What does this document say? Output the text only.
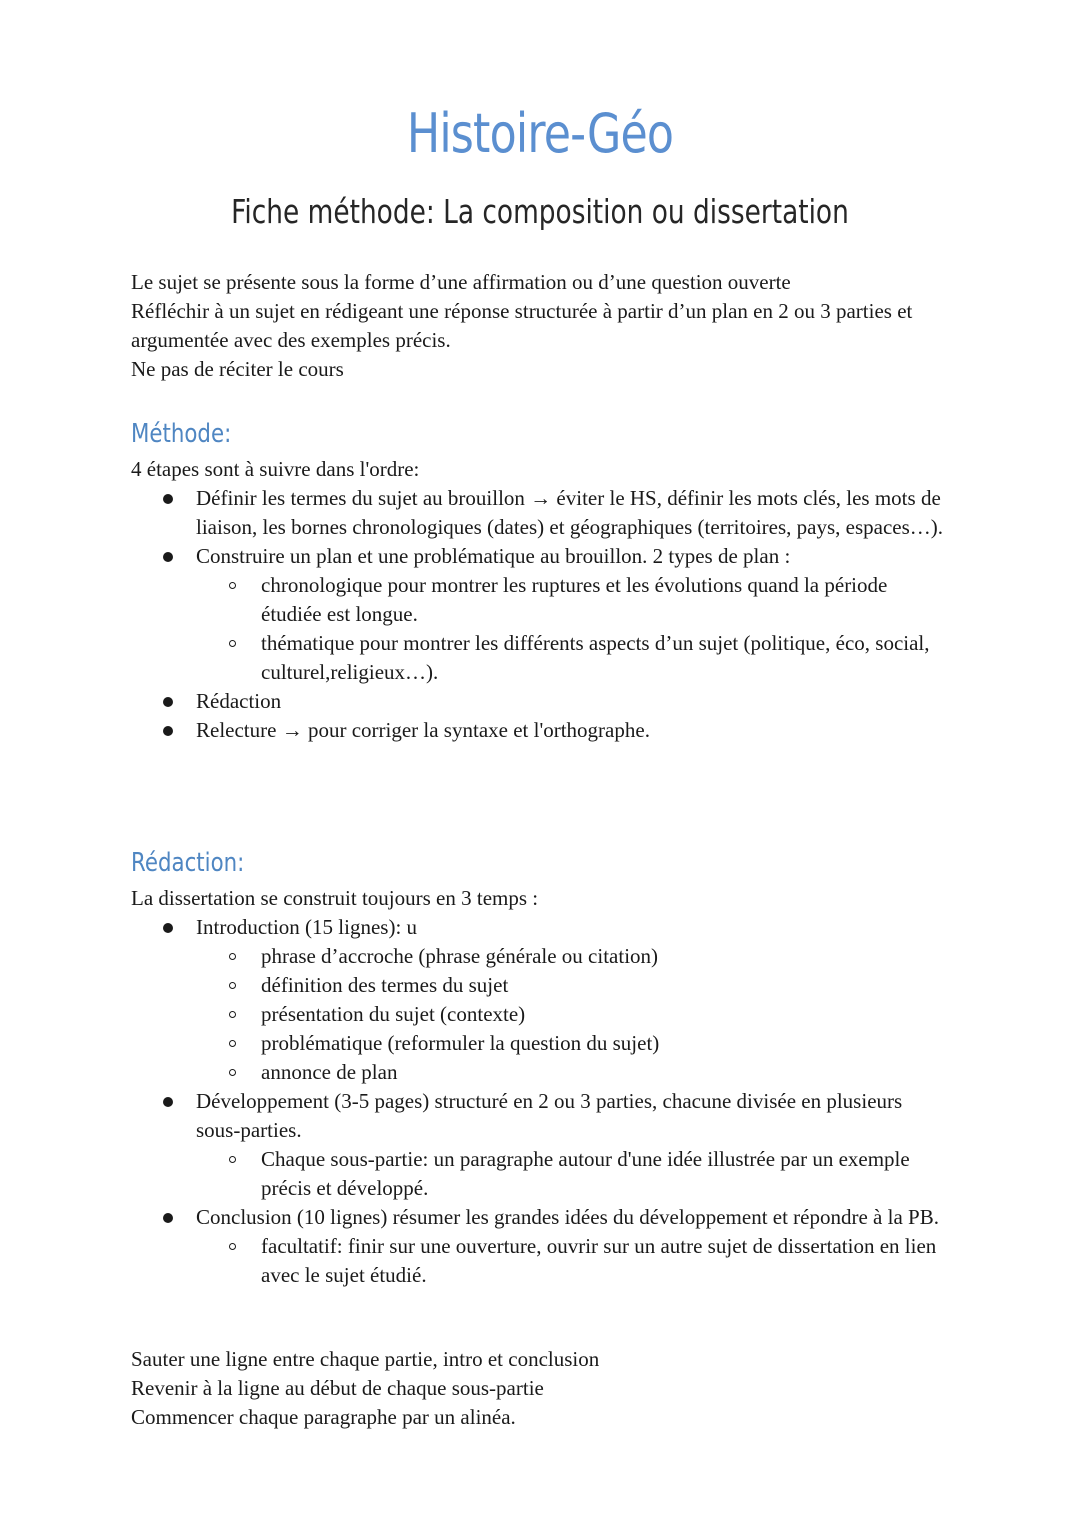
Histoire-Géo
Fiche méthode: La composition ou dissertation

Le sujet se présente sous la forme d’une affirmation ou d’une question ouverte

Réfléchir à un sujet en rédigeant une réponse structurée à partir d’un plan en 2 ou 3 parties et argumentée avec des exemples précis.

Ne pas de réciter le cours

Méthode:

4 étapes sont à suivre dans l'ordre:

Définir les termes du sujet au brouillon → éviter le HS, définir les mots clés, les mots de liaison, les bornes chronologiques (dates) et géographiques (territoires, pays, espaces…).
Construire un plan et une problématique au brouillon. 2 types de plan :
chronologique pour montrer les ruptures et les évolutions quand la période étudiée est longue.
thématique pour montrer les différents aspects d’un sujet (politique, éco, social, culturel,religieux…).
Rédaction
Relecture → pour corriger la syntaxe et l'orthographe.
Rédaction:

La dissertation se construit toujours en 3 temps :

Introduction (15 lignes): u
phrase d’accroche (phrase générale ou citation)
définition des termes du sujet
présentation du sujet (contexte)
problématique (reformuler la question du sujet)
annonce de plan
Développement (3-5 pages) structuré en 2 ou 3 parties, chacune divisée en plusieurs sous-parties.
Chaque sous-partie: un paragraphe autour d'une idée illustrée par un exemple précis et développé.
Conclusion (10 lignes) résumer les grandes idées du développement et répondre à la PB.
facultatif: finir sur une ouverture, ouvrir sur un autre sujet de dissertation en lien avec le sujet étudié.

Sauter une ligne entre chaque partie, intro et conclusion

Revenir à la ligne au début de chaque sous-partie

Commencer chaque paragraphe par un alinéa.
